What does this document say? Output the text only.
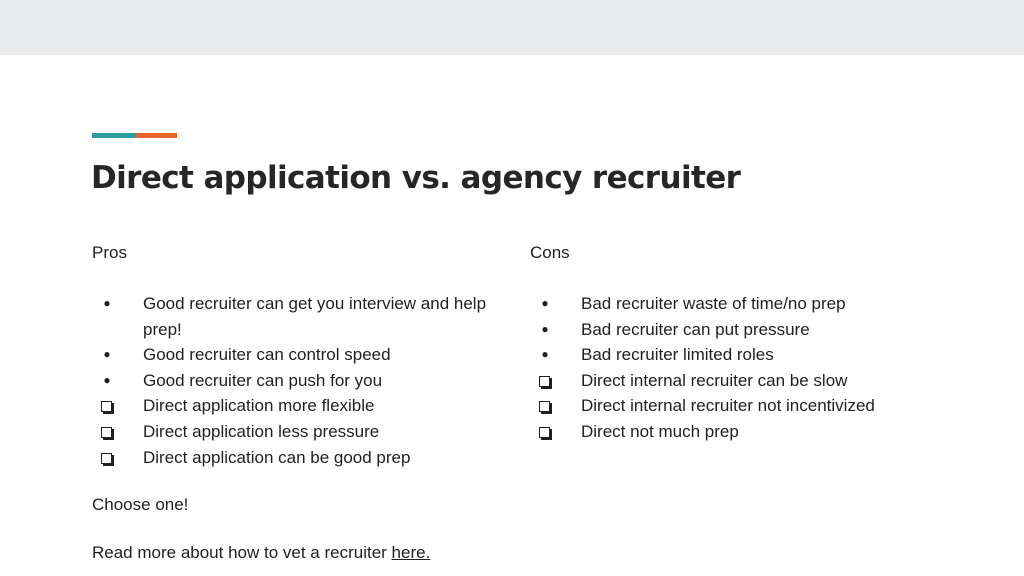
Direct application vs. agency recruiter
Pros
●	Good recruiter can get you interview and help prep!
●	Good recruiter can control speed
●	Good recruiter can push for you
Direct application more flexible
Direct application less pressure
Direct application can be good prep
Choose one!
Read more about how to vet a recruiter here.
Cons
●	Bad recruiter waste of time/no prep
●	Bad recruiter can put pressure
●	Bad recruiter limited roles
Direct internal recruiter can be slow
Direct internal recruiter not incentivized
Direct not much prep
